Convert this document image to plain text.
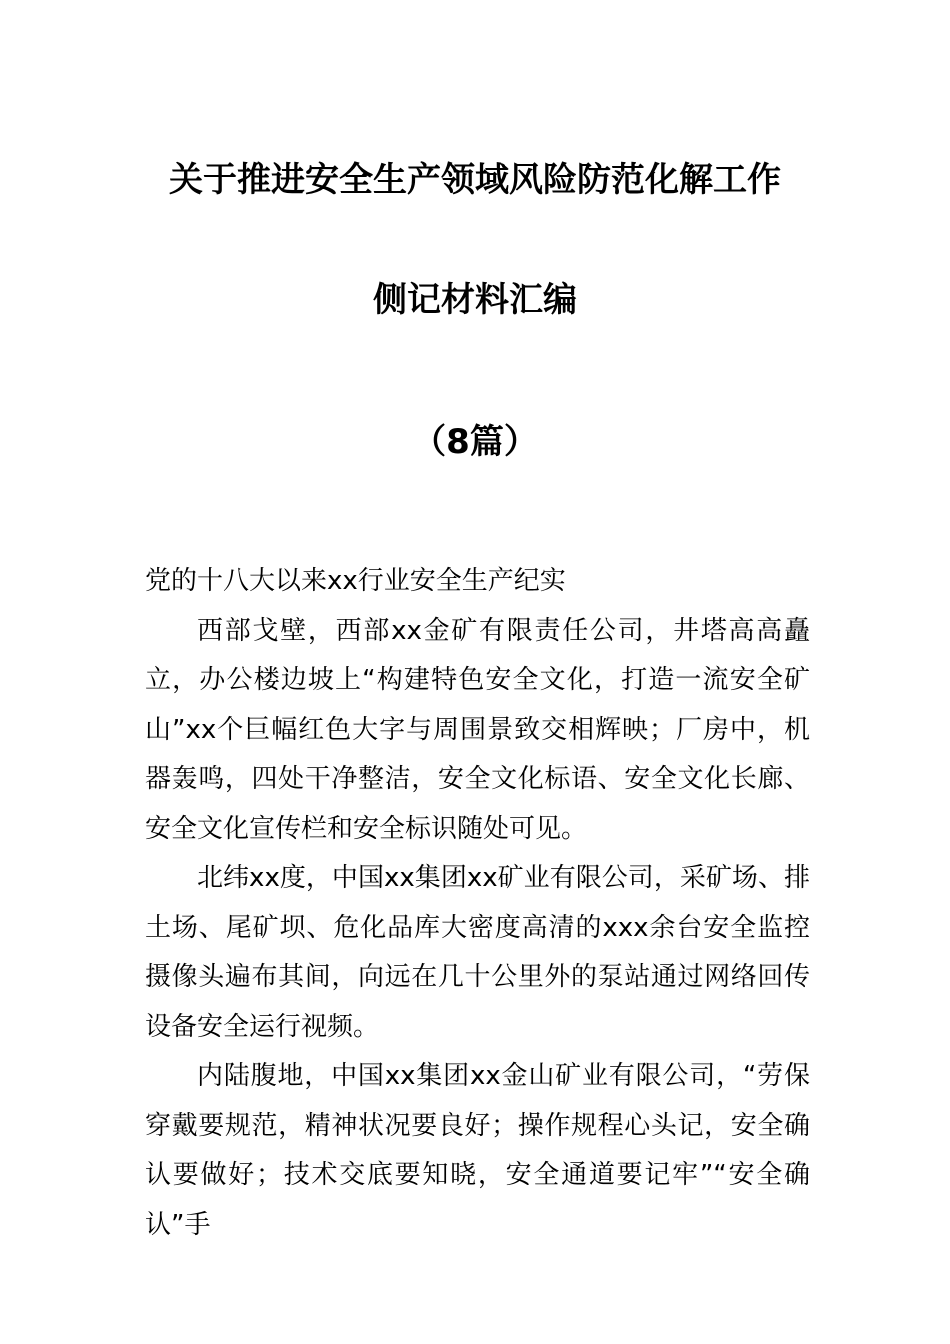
关于推进安全生产领域风险防范化解工作
侧记材料汇编
（8篇）

党的十八大以来xx行业安全生产纪实

西部戈壁，西部xx金矿有限责任公司，井塔高高矗立，办公楼边坡上“构建特色安全文化，打造一流安全矿山”xx个巨幅红色大字与周围景致交相辉映；厂房中，机器轰鸣，四处干净整洁，安全文化标语、安全文化长廊、安全文化宣传栏和安全标识随处可见。

北纬xx度，中国xx集团xx矿业有限公司，采矿场、排土场、尾矿坝、危化品库大密度高清的xxx余台安全监控摄像头遍布其间，向远在几十公里外的泵站通过网络回传设备安全运行视频。

内陆腹地，中国xx集团xx金山矿业有限公司，“劳保穿戴要规范，精神状况要良好；操作规程心头记，安全确认要做好；技术交底要知晓，安全通道要记牢”“安全确认”手
